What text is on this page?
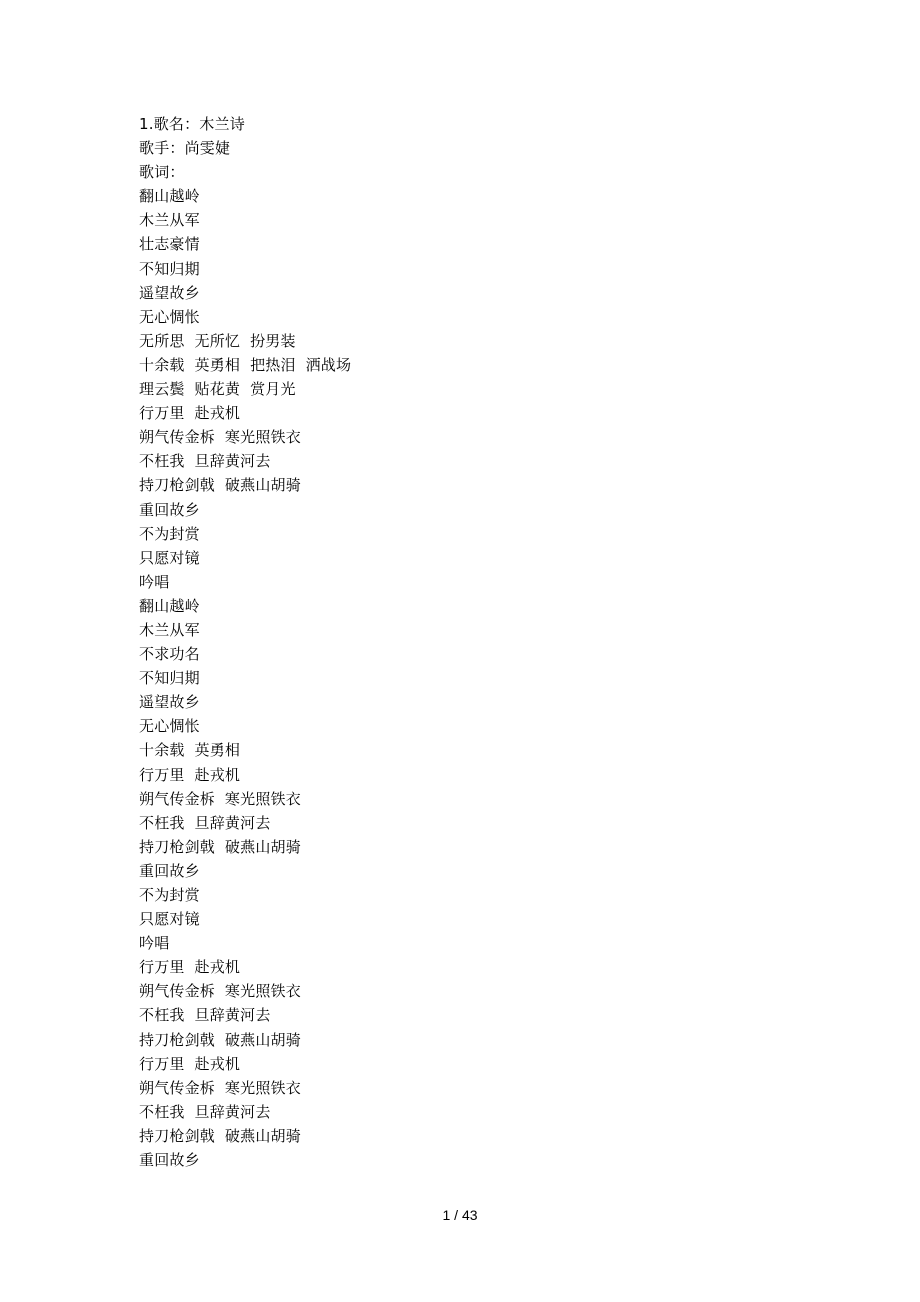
1.歌名：木兰诗
歌手：尚雯婕
歌词：
翻山越岭
木兰从军
壮志豪情
不知归期
遥望故乡
无心惆怅
无所思  无所忆  扮男装
十余载  英勇相  把热泪  洒战场
理云鬓  贴花黄  赏月光
行万里  赴戎机
朔气传金柝  寒光照铁衣
不枉我  旦辞黄河去
持刀枪剑戟  破燕山胡骑
重回故乡
不为封赏
只愿对镜
吟唱
翻山越岭
木兰从军
不求功名
不知归期
遥望故乡
无心惆怅
十余载  英勇相
行万里  赴戎机
朔气传金柝  寒光照铁衣
不枉我  旦辞黄河去
持刀枪剑戟  破燕山胡骑
重回故乡
不为封赏
只愿对镜
吟唱
行万里  赴戎机
朔气传金柝  寒光照铁衣
不枉我  旦辞黄河去
持刀枪剑戟  破燕山胡骑
行万里  赴戎机
朔气传金柝  寒光照铁衣
不枉我  旦辞黄河去
持刀枪剑戟  破燕山胡骑
重回故乡
1 / 43
